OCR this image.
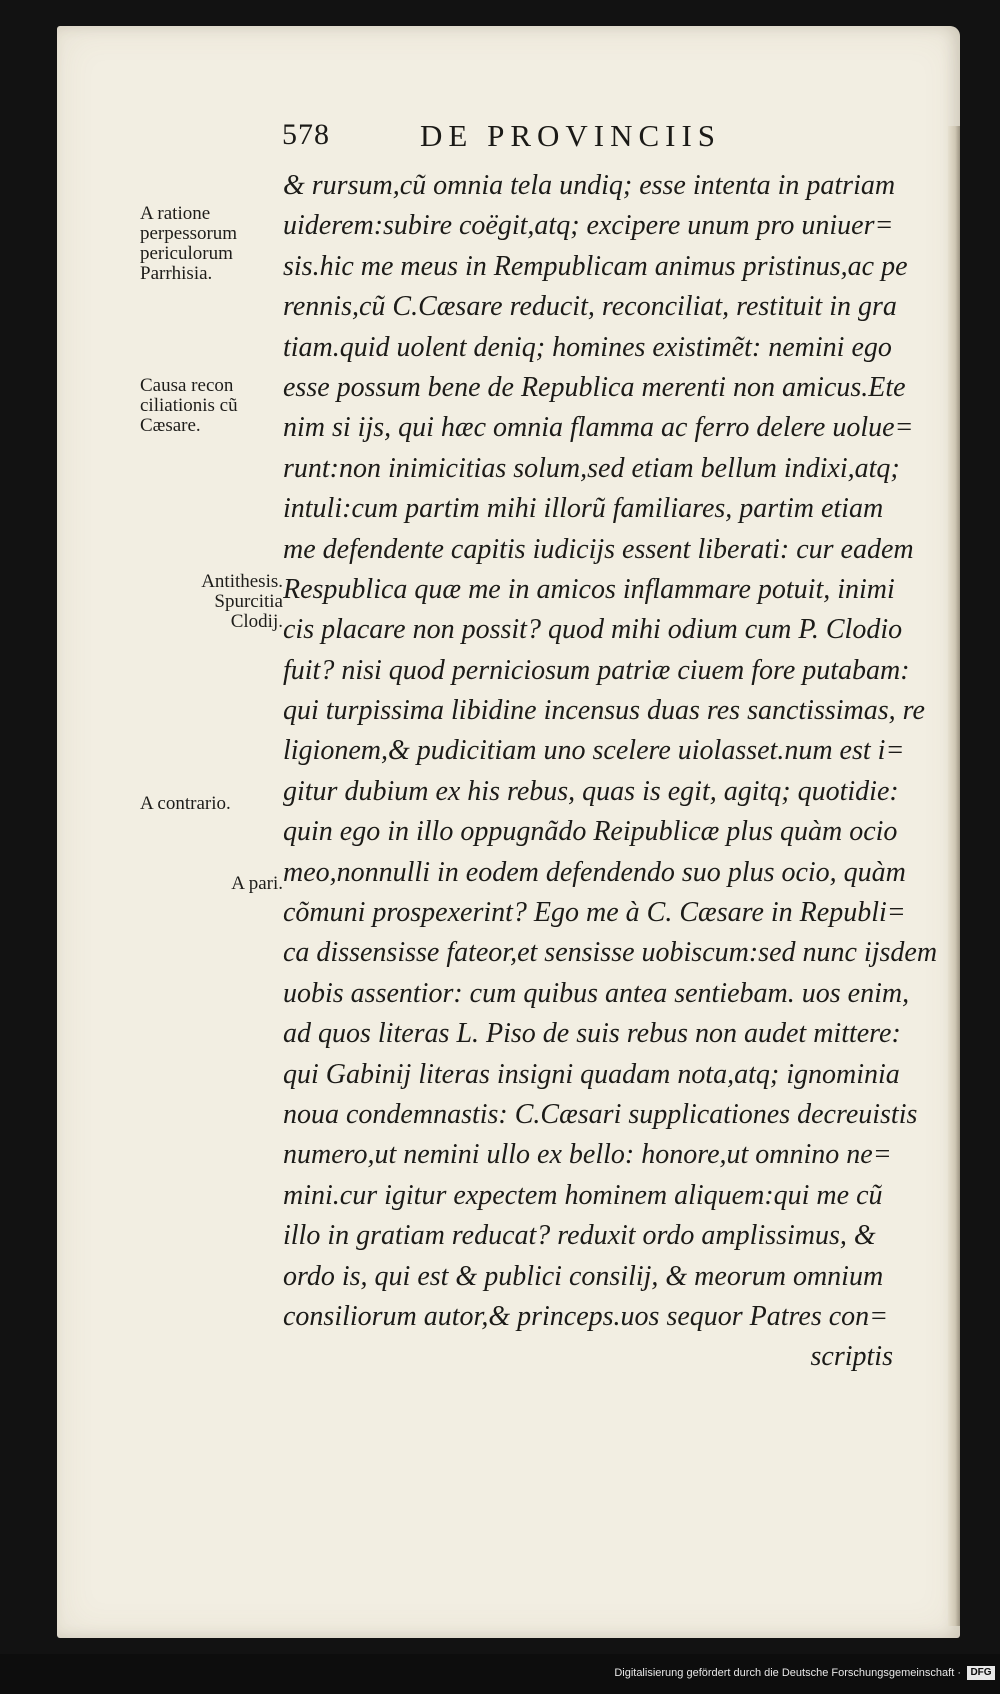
578	DE PROVINCIIS
& rursum,cũ omnia tela undiq; esse intenta in patriam
uiderem:subire coëgit,atq; excipere unum pro uniuer=
sis.hic me meus in Rempublicam animus pristinus,ac pe
rennis,cũ C.Cæsare reducit, reconciliat, restituit in gra
tiam.quid uolent deniq; homines existimẽt: nemini ego
esse possum bene de Republica merenti non amicus.Ete
nim si ijs, qui hæc omnia flamma ac ferro delere uolue=
runt:non inimicitias solum,sed etiam bellum indixi,atq;
intuli:cum partim mihi illorũ familiares, partim etiam
me defendente capitis iudicijs essent liberati: cur eadem
Respublica quæ me in amicos inflammare potuit, inimi
cis placare non possit? quod mihi odium cum P. Clodio
fuit? nisi quod perniciosum patriæ ciuem fore putabam:
qui turpissima libidine incensus duas res sanctissimas, re
ligionem,& pudicitiam uno scelere uiolasset.num est i=
gitur dubium ex his rebus, quas is egit, agitq; quotidie:
quin ego in illo oppugnãdo Reipublicæ plus quàm ocio
meo,nonnulli in eodem defendendo suo plus ocio, quàm
cõmuni prospexerint? Ego me à C. Cæsare in Republi=
ca dissensisse fateor,et sensisse uobiscum:sed nunc ijsdem
uobis assentior: cum quibus antea sentiebam. uos enim,
ad quos literas L. Piso de suis rebus non audet mittere:
qui Gabinij literas insigni quadam nota,atq; ignominia
noua condemnastis: C.Cæsari supplicationes decreuistis
numero,ut nemini ullo ex bello: honore,ut omnino ne=
mini.cur igitur expectem hominem aliquem:qui me cũ
illo in gratiam reducat? reduxit ordo amplissimus, &
ordo is, qui est & publici consilij, & meorum omnium
consiliorum autor,& princeps.uos sequor Patres con=
scriptis
A ratione
perpessorum
periculorum
Parrhisia.
Causa recon
ciliationis cũ
Cæsare.
Antithesis.
Spurcitia
Clodij.
A contrario.
A pari.
Digitalisierung gefördert durch die Deutsche Forschungsgemeinschaft · DFG
